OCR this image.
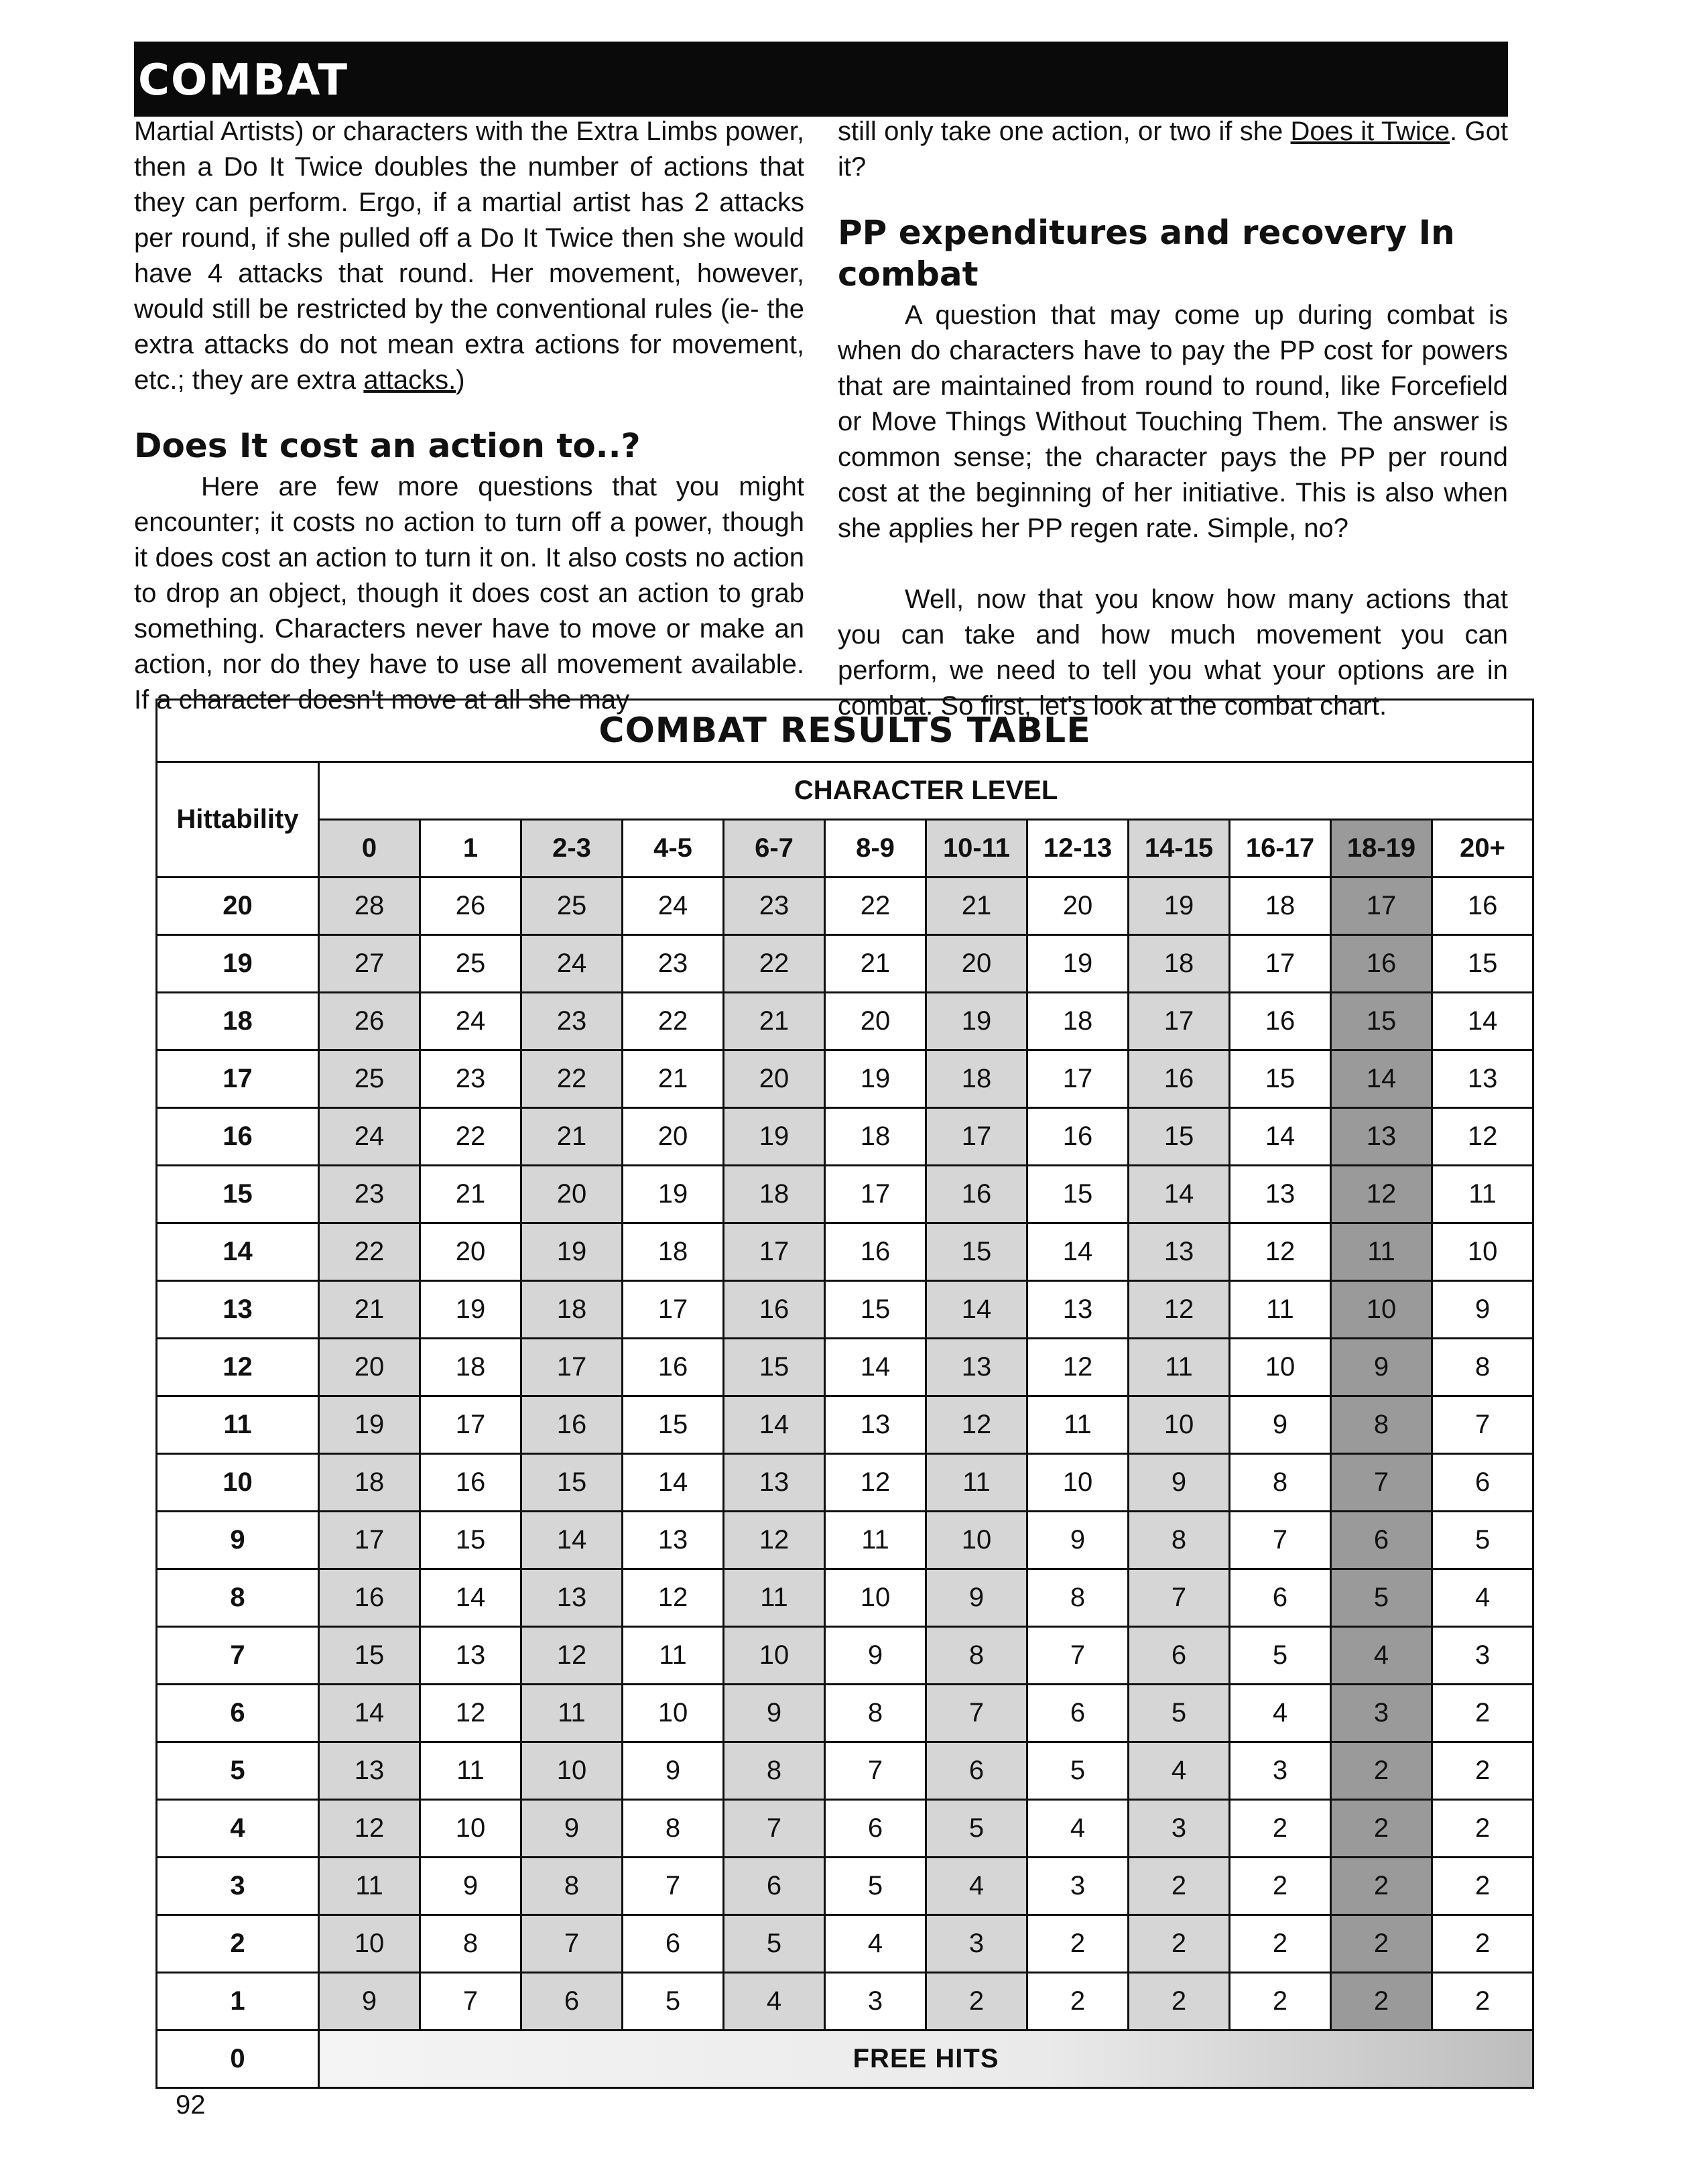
COMBAT

Martial Artists) or characters with the Extra Limbs power, then a Do It Twice doubles the number of actions that they can perform. Ergo, if a martial artist has 2 attacks per round, if she pulled off a Do It Twice then she would have 4 attacks that round. Her movement, however, would still be restricted by the conventional rules (ie- the extra attacks do not mean extra actions for movement, etc.; they are extra attacks.)

Does It cost an action to..?

Here are few more questions that you might encounter; it costs no action to turn off a power, though it does cost an action to turn it on. It also costs no action to drop an object, though it does cost an action to grab something. Characters never have to move or make an action, nor do they have to use all movement available. If a character doesn't move at all she may

still only take one action, or two if she Does it Twice. Got it?

PP expenditures and recovery In combat

A question that may come up during combat is when do characters have to pay the PP cost for powers that are maintained from round to round, like Forcefield or Move Things Without Touching Them. The answer is common sense; the character pays the PP per round cost at the beginning of her initiative. This is also when she applies her PP regen rate. Simple, no?

Well, now that you know how many actions that you can take and how much movement you can perform, we need to tell you what your options are in combat. So first, let's look at the combat chart.

COMBAT RESULTS TABLE												
Hittability	CHARACTER LEVEL											
	0	1	2-3	4-5	6-7	8-9	10-11	12-13	14-15	16-17	18-19	20+
20	28	26	25	24	23	22	21	20	19	18	17	16
19	27	25	24	23	22	21	20	19	18	17	16	15
18	26	24	23	22	21	20	19	18	17	16	15	14
17	25	23	22	21	20	19	18	17	16	15	14	13
16	24	22	21	20	19	18	17	16	15	14	13	12
15	23	21	20	19	18	17	16	15	14	13	12	11
14	22	20	19	18	17	16	15	14	13	12	11	10
13	21	19	18	17	16	15	14	13	12	11	10	9
12	20	18	17	16	15	14	13	12	11	10	9	8
11	19	17	16	15	14	13	12	11	10	9	8	7
10	18	16	15	14	13	12	11	10	9	8	7	6
9	17	15	14	13	12	11	10	9	8	7	6	5
8	16	14	13	12	11	10	9	8	7	6	5	4
7	15	13	12	11	10	9	8	7	6	5	4	3
6	14	12	11	10	9	8	7	6	5	4	3	2
5	13	11	10	9	8	7	6	5	4	3	2	2
4	12	10	9	8	7	6	5	4	3	2	2	2
3	11	9	8	7	6	5	4	3	2	2	2	2
2	10	8	7	6	5	4	3	2	2	2	2	2
1	9	7	6	5	4	3	2	2	2	2	2	2
0	FREE HITS											
92
